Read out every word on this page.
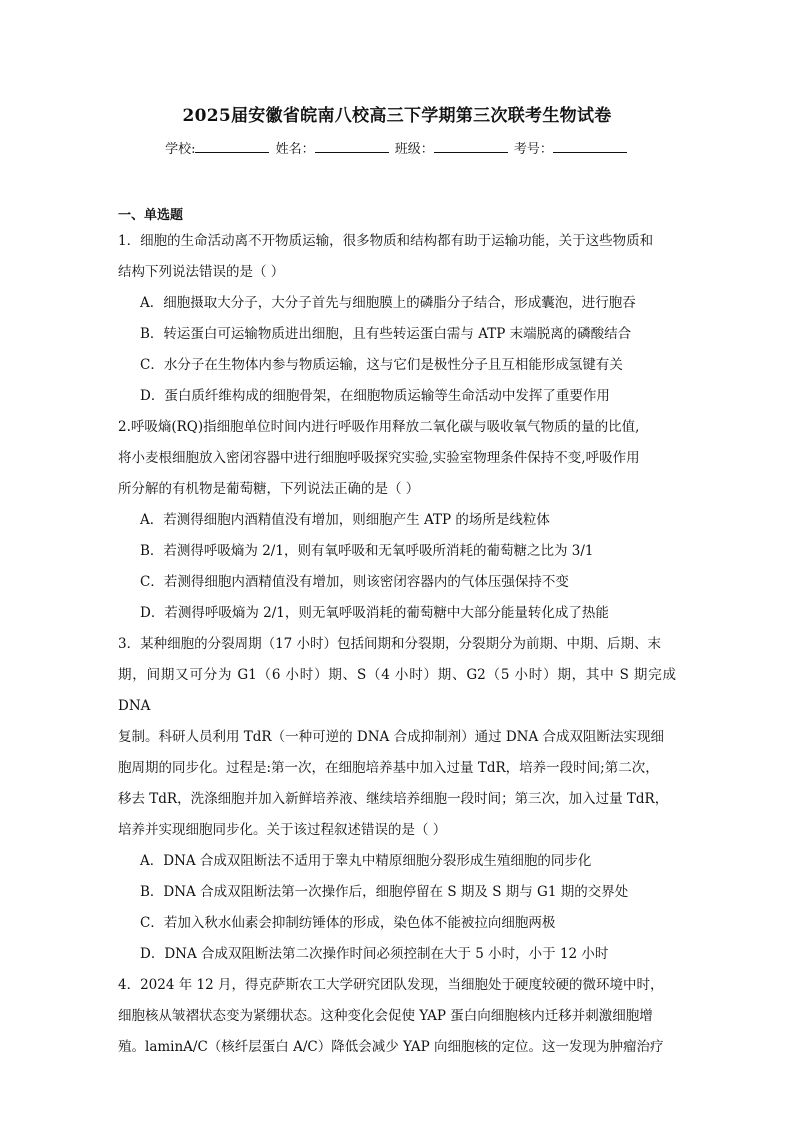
2025届安徽省皖南八校高三下学期第三次联考生物试卷
学校:	姓名：	班级：	考号：
一、单选题

1．细胞的生命活动离不开物质运输，很多物质和结构都有助于运输功能，关于这些物质和

结构下列说法错误的是（ ）

A．细胞摄取大分子，大分子首先与细胞膜上的磷脂分子结合，形成囊泡，进行胞吞

B．转运蛋白可运输物质进出细胞，且有些转运蛋白需与 ATP 末端脱离的磷酸结合

C．水分子在生物体内参与物质运输，这与它们是极性分子且互相能形成氢键有关

D．蛋白质纤维构成的细胞骨架，在细胞物质运输等生命活动中发挥了重要作用

2.呼吸熵(RQ)指细胞单位时间内进行呼吸作用释放二氧化碳与吸收氧气物质的量的比值,

将小麦根细胞放入密闭容器中进行细胞呼吸探究实验,实验室物理条件保持不变,呼吸作用

所分解的有机物是葡萄糖，下列说法正确的是（ ）

A．若测得细胞内酒精值没有增加，则细胞产生 ATP 的场所是线粒体

B．若测得呼吸熵为 2/1，则有氧呼吸和无氧呼吸所消耗的葡萄糖之比为 3/1

C．若测得细胞内酒精值没有增加，则该密闭容器内的气体压强保持不变

D．若测得呼吸熵为 2/1，则无氧呼吸消耗的葡萄糖中大部分能量转化成了热能

3．某种细胞的分裂周期（17 小时）包括间期和分裂期，分裂期分为前期、中期、后期、末

期，间期又可分为 G1（6 小时）期、S（4 小时）期、G2（5 小时）期，其中 S 期完成 DNA

复制。科研人员利用 TdR（一种可逆的 DNA 合成抑制剂）通过 DNA 合成双阻断法实现细

胞周期的同步化。过程是:第一次，在细胞培养基中加入过量 TdR，培养一段时间;第二次，

移去 TdR，洗涤细胞并加入新鲜培养液、继续培养细胞一段时间；第三次，加入过量 TdR，

培养并实现细胞同步化。关于该过程叙述错误的是（ ）

A．DNA 合成双阻断法不适用于睾丸中精原细胞分裂形成生殖细胞的同步化

B．DNA 合成双阻断法第一次操作后，细胞停留在 S 期及 S 期与 G1 期的交界处

C．若加入秋水仙素会抑制纺锤体的形成，染色体不能被拉向细胞两极

D．DNA 合成双阻断法第二次操作时间必须控制在大于 5 小时，小于 12 小时

4．2024 年 12 月，得克萨斯农工大学研究团队发现，当细胞处于硬度较硬的微环境中时，

细胞核从皱褶状态变为紧绷状态。这种变化会促使 YAP 蛋白向细胞核内迁移并刺激细胞增

殖。laminA/C（核纤层蛋白 A/C）降低会减少 YAP 向细胞核的定位。这一发现为肿瘤治疗
